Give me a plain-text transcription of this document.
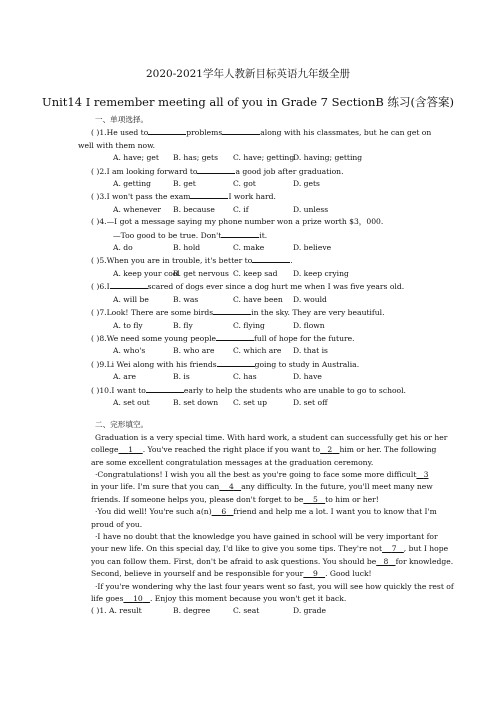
2020-2021学年人教新目标英语九年级全册
Unit14 I remember meeting all of you in Grade 7 SectionB 练习(含答案)
一、单项选择。
( )1.He used to	problems	along with his classmates, but he can get on
well with them now.
A. have; get	B. has; gets	C. have; getting
D. having; getting
( )2.I am looking forward to	a good job after graduation.
A. getting	B. get	C. got	D. gets
( )3.I won't pass the exam	I work hard.
A. whenever	B. because	C. if	D. unless
( )4.—I got a message saying my phone number won a prize worth $3，000.
—Too good to be true. Don't	it.
A. do	B. hold	C. make	D. believe
( )5.When you are in trouble, it's better to	.
A. keep your cool
B. get nervous C. keep sad	D. keep crying
( )6.I	scared of dogs ever since a dog hurt me when I was five years old.
A. will be	B. was	C. have been	D. would
( )7.Look! There are some birds	in the sky. They are very beautiful.
A. to fly	B. fly	C. flying	D. flown
( )8.We need some young people	full of hope for the future.
A. who's	B. who are	C. which are	D. that is
( )9.Li Wei along with his friends	going to study in Australia.
A. are	B. is	C. has	D. have
( )10.I want to	early to help the students who are unable to go to school.
A. set out	B. set down	C. set up	D. set off
二、完形填空。
Graduation is a very special time. With hard work, a student can successfully get his or her
college 1 . You've reached the right place if you want to 2 him or her. The following
are some excellent congratulation messages at the graduation ceremony.
·Congratulations! I wish you all the best as you're going to face some more difficult 3
in your life. I'm sure that you can 4 any difficulty. In the future, you'll meet many new
friends. If someone helps you, please don't forget to be 5 to him or her!
·You did well! You're such a(n) 6 friend and help me a lot. I want you to know that I'm
proud of you.
·I have no doubt that the knowledge you have gained in school will be very important for
your new life. On this special day, I'd like to give you some tips. They're not 7 , but I hope
you can follow them. First, don't be afraid to ask questions. You should be 8 for knowledge.
Second, believe in yourself and be responsible for your 9 . Good luck!
·If you're wondering why the last four years went so fast, you will see how quickly the rest of
life goes 10 . Enjoy this moment because you won't get it back.
( )1. A. result	B. degree	C. seat	D. grade
